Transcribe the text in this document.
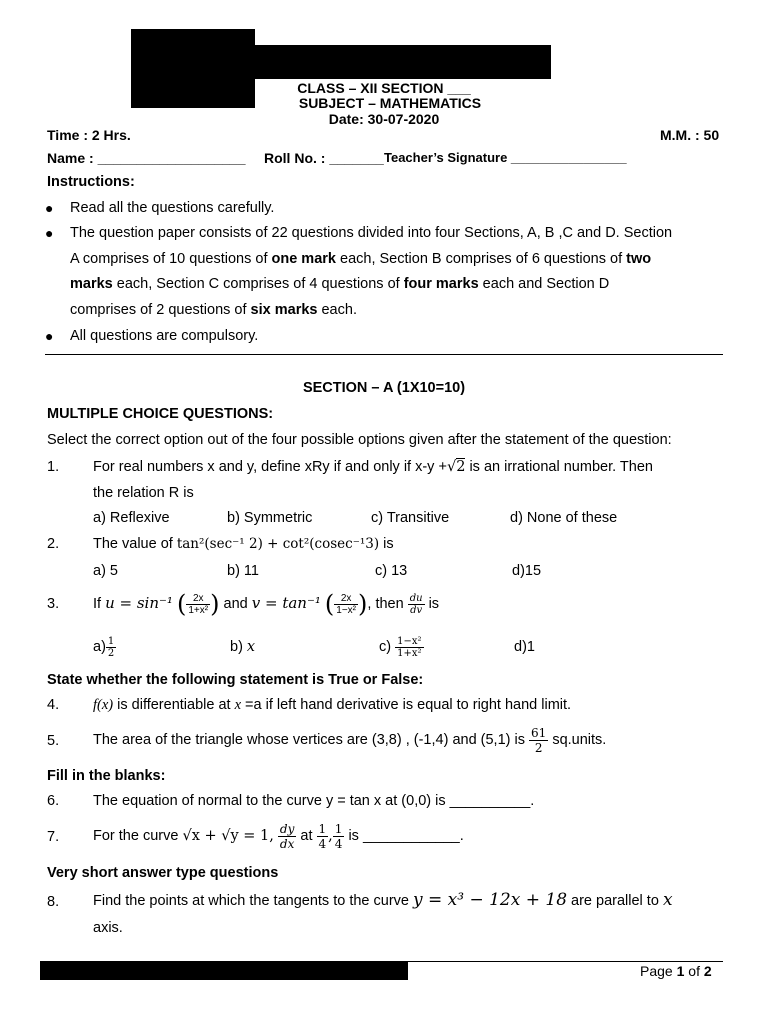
CLASS – XII SECTION ___
SUBJECT – MATHEMATICS
Date: 30-07-2020
Time : 2 Hrs.	M.M. : 50
Name : ___________________ Roll No. : _______ Teacher’s Signature ________________
Instructions:
● Read all the questions carefully.
● The question paper consists of 22 questions divided into four Sections, A, B ,C and D. Section
A comprises of 10 questions of one mark each, Section B comprises of 6 questions of two
marks each, Section C comprises of 4 questions of four marks each and Section D
comprises of 2 questions of six marks each.
● All questions are compulsory.
SECTION – A (1X10=10)
MULTIPLE CHOICE QUESTIONS:
Select the correct option out of the four possible options given after the statement of the question:
1. For real numbers x and y, define xRy if and only if x-y +√2 is an irrational number. Then
the relation R is
a) Reflexive	b) Symmetric	c) Transitive	d) None of these
2. The value of tan²(sec⁻¹ 2) + cot²(cosec⁻¹3) is
a) 5	b) 11	c) 13	d)15
3. If u = sin⁻¹ ( $\frac{2x}{\text{1+x²}}$ ) and v = tan⁻¹ ( $\frac{2x}{\text{1−x²}}$ ), then $\frac{du}{dv}$ is
$a) \frac{1}{2}$	b) x	$c) \frac{\text{1−x²}}{\text{1+x²}}$	d)1
State whether the following statement is True or False:
4. f(x) is differentiable at x =a if left hand derivative is equal to right hand limit.
5. The area of the triangle whose vertices are (3,8) , (-1,4) and (5,1) is $\frac{61}{2}$ sq.units.
Fill in the blanks:
6. The equation of normal to the curve y = tan x at (0,0) is __________.
7. For the curve √x + √y = 1, $\frac{dy}{dx}$ at $\frac{1}{4}$ , $\frac{1}{4}$ is ____________.
Very short answer type questions
8. Find the points at which the tangents to the curve y = x³ − 12x + 18 are parallel to x
axis.
Page 1 of 2
